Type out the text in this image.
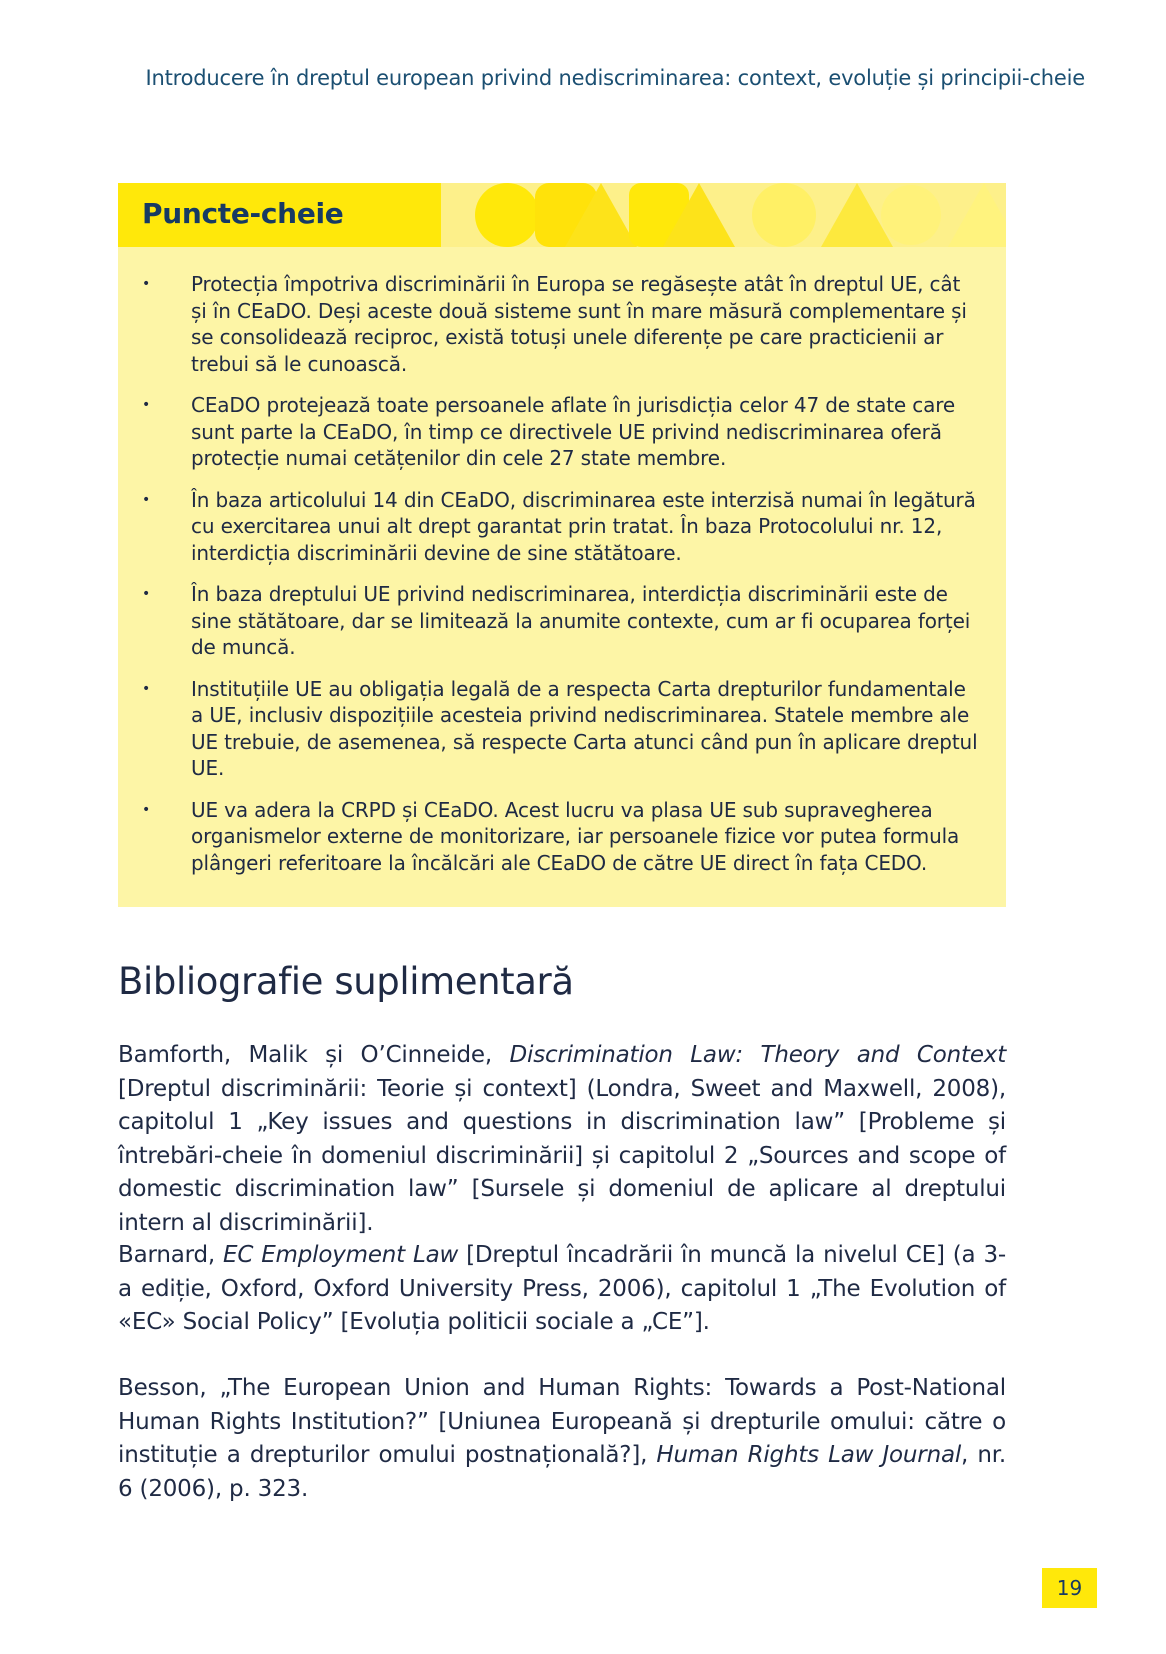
Introducere în dreptul european privind nediscriminarea: context, evoluție și principii-cheie
Puncte-cheie
• Protecția împotriva discriminării în Europa se regăsește atât în dreptul UE, cât și în CEaDO. Deși aceste două sisteme sunt în mare măsură complementare și se consolidează reciproc, există totuși unele diferențe pe care practicienii ar trebui să le cunoască.
• CEaDO protejează toate persoanele aflate în jurisdicția celor 47 de state care sunt parte la CEaDO, în timp ce directivele UE privind nediscriminarea oferă protecție numai cetățenilor din cele 27 state membre.
• În baza articolului 14 din CEaDO, discriminarea este interzisă numai în legătură cu exercitarea unui alt drept garantat prin tratat. În baza Protocolului nr. 12, interdicția discriminării devine de sine stătătoare.
• În baza dreptului UE privind nediscriminarea, interdicția discriminării este de sine stătătoare, dar se limitează la anumite contexte, cum ar fi ocuparea forței de muncă.
• Instituțiile UE au obligația legală de a respecta Carta drepturilor fundamentale a UE, inclusiv dispozițiile acesteia privind nediscriminarea. Statele membre ale UE trebuie, de asemenea, să respecte Carta atunci când pun în aplicare dreptul UE.
• UE va adera la CRPD și CEaDO. Acest lucru va plasa UE sub supravegherea organismelor externe de monitorizare, iar persoanele fizice vor putea formula plângeri referitoare la încălcări ale CEaDO de către UE direct în fața CEDO.
Bibliografie suplimentară

Bamforth, Malik și O’Cinneide, Discrimination Law: Theory and Context [Dreptul discriminării: Teorie și context] (Londra, Sweet and Maxwell, 2008), capitolul 1 „Key issues and questions in discrimination law” [Probleme și întrebări-cheie în domeniul discriminării] și capitolul 2 „Sources and scope of domestic discrimination law” [Sursele și domeniul de aplicare al dreptului intern al discriminării].

Barnard, EC Employment Law [Dreptul încadrării în muncă la nivelul CE] (a 3-a ediție, Oxford, Oxford University Press, 2006), capitolul 1 „The Evolution of «EC» Social Policy” [Evoluția politicii sociale a „CE”].

Besson, „The European Union and Human Rights: Towards a Post-National Human Rights Institution?” [Uniunea Europeană și drepturile omului: către o instituție a drepturilor omului postnațională?], Human Rights Law Journal, nr. 6 (2006), p. 323.

19
